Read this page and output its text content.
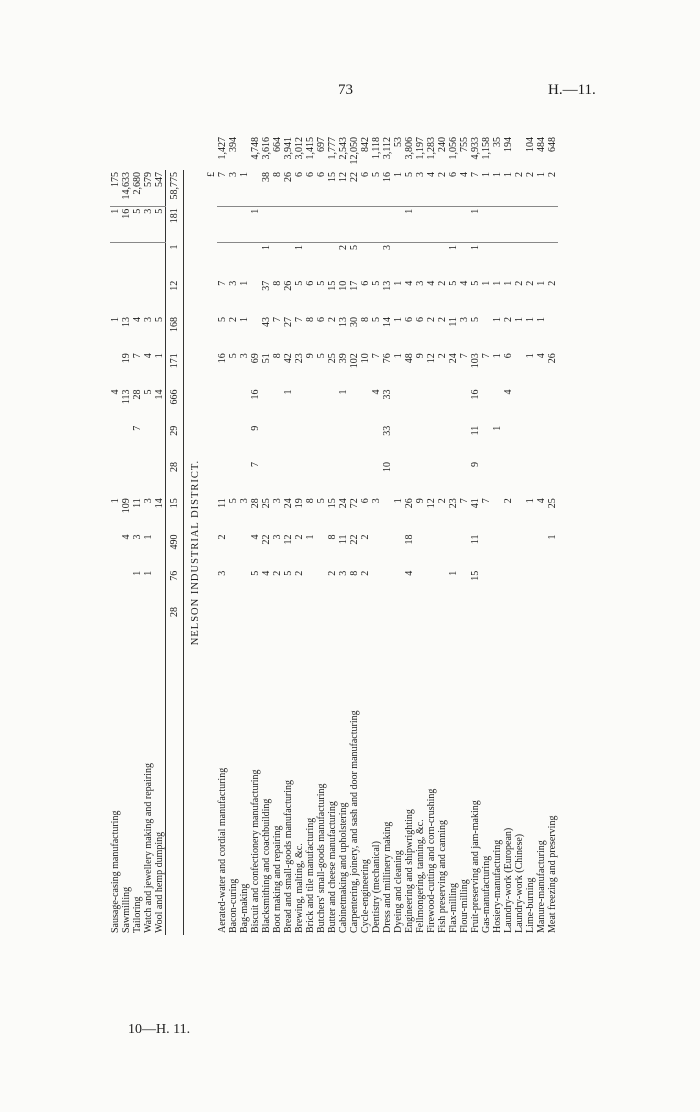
73	H.—11.
10—H. 11.
Sausage-casing manufacturing			1			4		1			1	175	
Sawmilling		4	109			113	19	13			16	14,633	
Tailoring	1	3	11		7	28	7	4			5	2,680	
Watch and jewellery making and repairing	1	1	3			5	4	3			3	579	
Wool and hemp dumping			14			14	1	5			5	547	
28	76	490	15	28	29	666	171	168	12	1	181	58,775	
NELSON INDUSTRIAL DISTRICT.													
												£	
Aerated-water and cordial manufacturing	3	2	11				16	5	7			7	1,427
Bacon-curing			5				5	2	3			3	394
Bag-making			3				3	1	1			1	
Biscuit and confectionery manufacturing	5	4	28	7	9	16	69				1		4,748
Blacksmithing and coachbuilding	4	22	25				51	43	37	1		38	3,616
Boot making and repairing	2	3	3				8	7	8			8	664
Bread and small-goods manufacturing	5	12	24			1	42	27	26			26	3,941
Brewing, malting, &c.	2	2	19				23	7	5	1		6	3,012
Brick and tile manufacturing		1	8				9	8	6			6	1,415
Butchers' small-goods manufacturing			5				5	6	5			6	697
Butter and cheese manufacturing	2	8	15				25	2	15			15	1,777
Cabinetmaking and upholstering	3	11	24			1	39	13	10	2		12	2,543
Carpentering, joinery, and sash and door manufacturing	8	22	72				102	30	17	5		22	12,050
Cycle-engineering	2	2	6				10	8	6			6	842
Dentistry (mechanical)			3			4	7	5	5			5	1,118
Dress and millinery making				10	33	33	76	14	13	3		16	3,112
Dyeing and cleaning			1				1	1	1			1	53
Engineering and shipwrighting	4	18	26				48	6	4		1	5	3,806
Fellmongering, tanning, &c.			9				9	6	3			3	1,197
Firewood-cutting and corn-crushing			12				12	2	4			4	1,283
Fish preserving and canning			2				2	2	2			2	240
Flax-milling	1		23				24	11	5	1		6	1,056
Flour-milling			7				7	3	4			4	755
Fruit-preserving and jam-making	15	11	41	9	11	16	103	5	5	1	1	7	4,933
Gas-manufacturing			7				7		1			1	1,158
Hosiery-manufacturing					1		1	1	1			1	35
Laundry-work (European)			2			4	6	2	1			1	194
Laundry-work (Chinese)								1	2			2	
Lime-burning			1				1	1	2			2	104
Manure-manufacturing			4				4	1	1			1	484
Meat freezing and preserving		1	25				26		2			2	648
